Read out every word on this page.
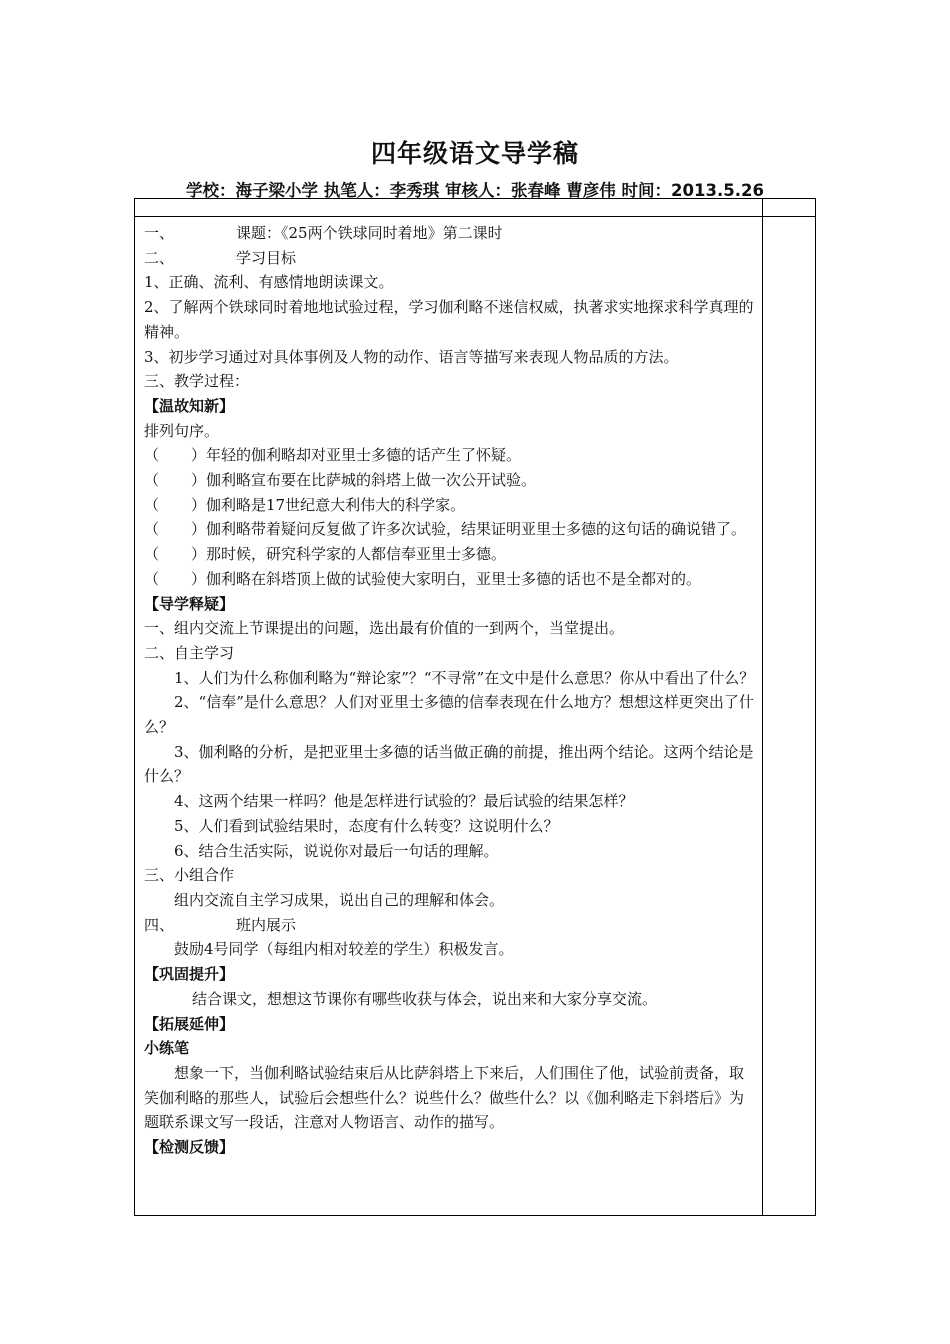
四年级语文导学稿
学校：海子梁小学 执笔人：李秀琪 审核人：张春峰 曹彦伟 时间：2013.5.26

一、	课题：《25两个铁球同时着地》第二课时

二、	学习目标

1、正确、流利、有感情地朗读课文。

2、了解两个铁球同时着地地试验过程，学习伽利略不迷信权威，执著求实地探求科学真理的精神。

3、初步学习通过对具体事例及人物的动作、语言等描写来表现人物品质的方法。

三、教学过程：

【温故知新】

排列句序。

（ ）年轻的伽利略却对亚里士多德的话产生了怀疑。

（ ）伽利略宣布要在比萨城的斜塔上做一次公开试验。

（ ）伽利略是17世纪意大利伟大的科学家。

（ ）伽利略带着疑问反复做了许多次试验，结果证明亚里士多德的这句话的确说错了。

（ ）那时候，研究科学家的人都信奉亚里士多德。

（ ）伽利略在斜塔顶上做的试验使大家明白，亚里士多德的话也不是全都对的。

【导学释疑】

一、组内交流上节课提出的问题，选出最有价值的一到两个，当堂提出。

二、自主学习

1、人们为什么称伽利略为“辩论家”？“不寻常”在文中是什么意思？你从中看出了什么？

2、“信奉”是什么意思？人们对亚里士多德的信奉表现在什么地方？想想这样更突出了什么？

3、伽利略的分析，是把亚里士多德的话当做正确的前提，推出两个结论。这两个结论是什么？

4、这两个结果一样吗？他是怎样进行试验的？最后试验的结果怎样？

5、人们看到试验结果时，态度有什么转变？这说明什么？

6、结合生活实际，说说你对最后一句话的理解。

三、小组合作

组内交流自主学习成果，说出自己的理解和体会。

四、	班内展示

鼓励4号同学（每组内相对较差的学生）积极发言。

【巩固提升】

结合课文，想想这节课你有哪些收获与体会，说出来和大家分享交流。

【拓展延伸】

小练笔

想象一下，当伽利略试验结束后从比萨斜塔上下来后，人们围住了他，试验前责备，取笑伽利略的那些人，试验后会想些什么？说些什么？做些什么？以《伽利略走下斜塔后》为题联系课文写一段话，注意对人物语言、动作的描写。

【检测反馈】
